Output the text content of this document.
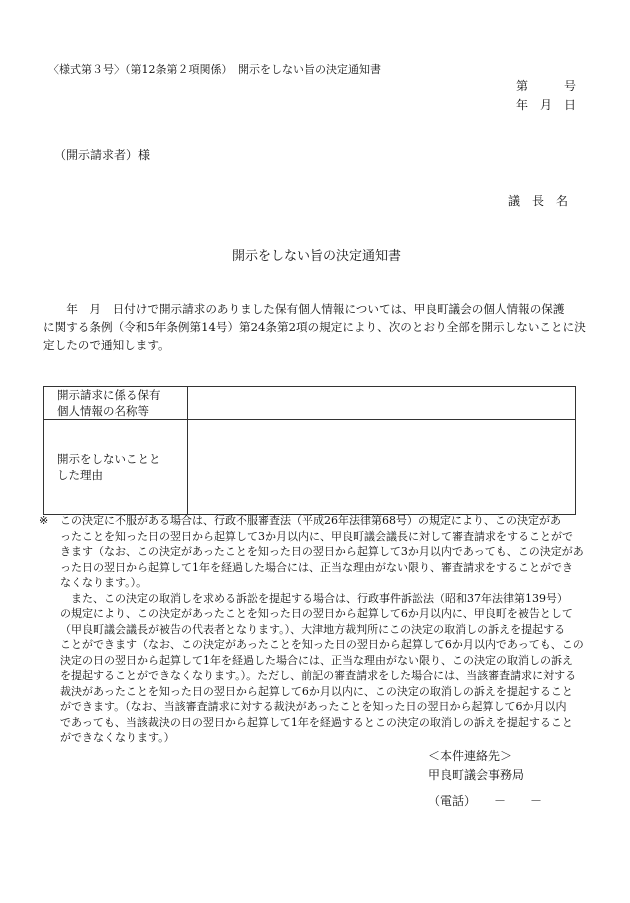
〈様式第３号〉（第12条第２項関係）　開示をしない旨の決定通知書
第　　　号
年　月　日
（開示請求者）様
議　長　名
開示をしない旨の決定通知書
　　年　月　日付けで開示請求のありました保有個人情報については、甲良町議会の個人情報の保護
に関する条例（令和5年条例第14号）第24条第2項の規定により、次のとおり全部を開示しないことに決
定したので通知します。
開示請求に係る保有
個人情報の名称等	

開示をしないことと
した理由	

※ この決定に不服がある場合は、行政不服審査法（平成26年法律第68号）の規定により、この決定があ
ったことを知った日の翌日から起算して3か月以内に、甲良町議会議長に対して審査請求をすることがで
きます（なお、この決定があったことを知った日の翌日から起算して3か月以内であっても、この決定があ
った日の翌日から起算して1年を経過した場合には、正当な理由がない限り、審査請求をすることができ
なくなります。）。
　また、この決定の取消しを求める訴訟を提起する場合は、行政事件訴訟法（昭和37年法律第139号）
の規定により、この決定があったことを知った日の翌日から起算して6か月以内に、甲良町を被告として
（甲良町議会議長が被告の代表者となります。）、大津地方裁判所にこの決定の取消しの訴えを提起する
ことができます（なお、この決定があったことを知った日の翌日から起算して6か月以内であっても、この
決定の日の翌日から起算して1年を経過した場合には、正当な理由がない限り、この決定の取消しの訴え
を提起することができなくなります。）。ただし、前記の審査請求をした場合には、当該審査請求に対する
裁決があったことを知った日の翌日から起算して6か月以内に、この決定の取消しの訴えを提起すること
ができます。（なお、当該審査請求に対する裁決があったことを知った日の翌日から起算して6か月以内
であっても、当該裁決の日の翌日から起算して1年を経過するとこの決定の取消しの訴えを提起すること
ができなくなります。）
＜本件連絡先＞
甲良町議会事務局
（電話）　　－　　－
